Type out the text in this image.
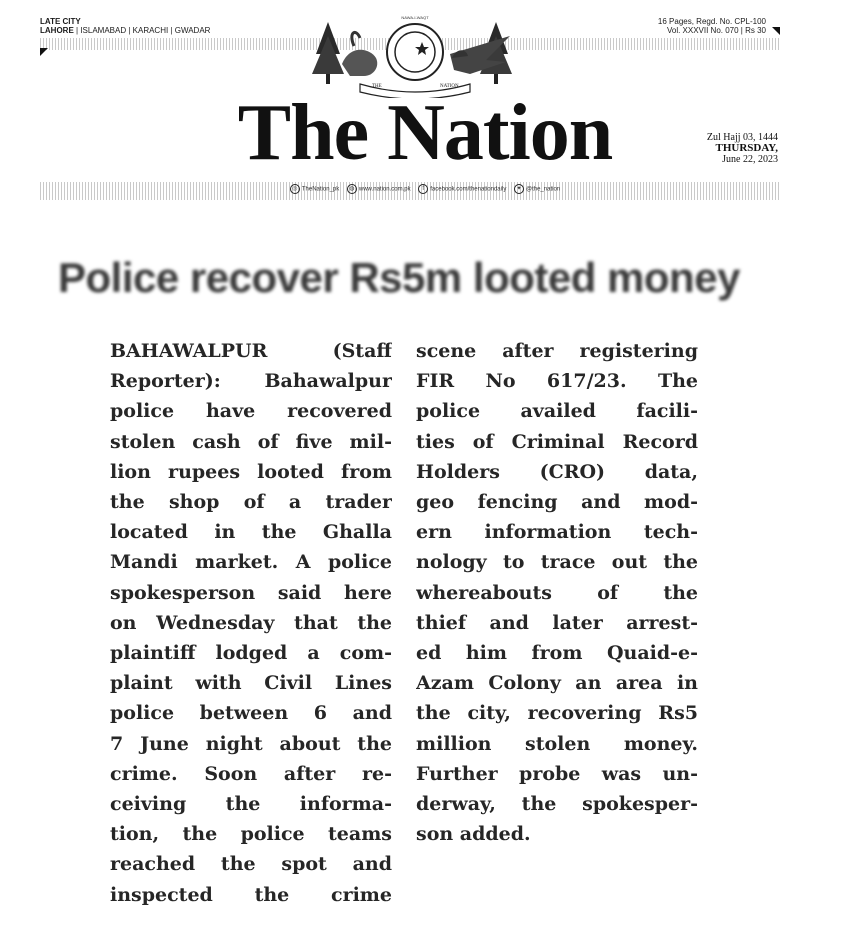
LATE CITY
LAHORE | ISLAMABAD | KARACHI | GWADAR
16 Pages, Regd. No. CPL-100
Vol. XXXVII No. 070 | Rs 30
NAWA-I-WAQT
THE	NATION
The Nation	Zul Hajj 03, 1444
THURSDAY,
June 22, 2023
◎ TheNation_pk ◍ www.nation.com.pk f facebook.com/thenationdaily ✦ @the_nation
Police recover Rs5m looted money
BAHAWALPUR (Staff
Reporter): Bahawalpur
police have recovered
stolen cash of five mil-
lion rupees looted from
the shop of a trader
located in the Ghalla
Mandi market. A police
spokesperson said here
on Wednesday that the
plaintiff lodged a com-
plaint with Civil Lines
police between 6 and
7 June night about the
crime. Soon after re-
ceiving the informa-
tion, the police teams
reached the spot and
inspected the crime
scene after registering
FIR No 617/23. The
police availed facili-
ties of Criminal Record
Holders (CRO) data,
geo fencing and mod-
ern information tech-
nology to trace out the
whereabouts of the
thief and later arrest-
ed him from Quaid-e-
Azam Colony an area in
the city, recovering Rs5
million stolen money.
Further probe was un-
derway, the spokesper-
son added.
